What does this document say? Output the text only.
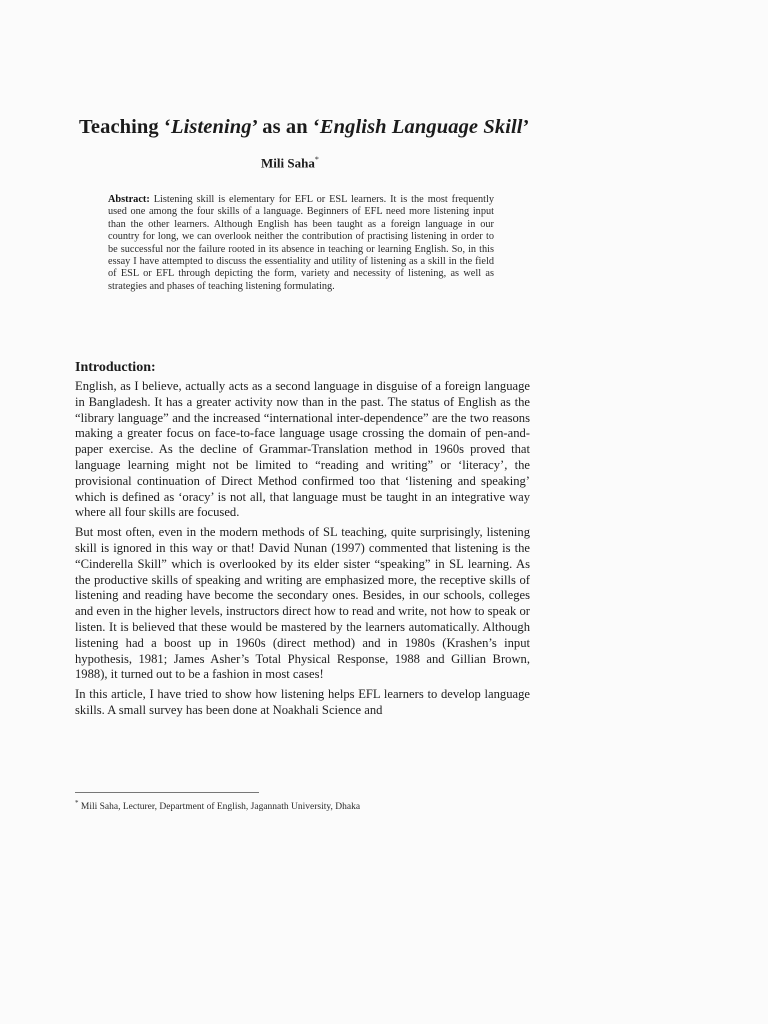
Teaching ‘Listening’ as an ‘English Language Skill’
Mili Saha*
Abstract: Listening skill is elementary for EFL or ESL learners. It is the most frequently used one among the four skills of a language. Beginners of EFL need more listening input than the other learners. Although English has been taught as a foreign language in our country for long, we can overlook neither the contribution of practising listening in order to be successful nor the failure rooted in its absence in teaching or learning English. So, in this essay I have attempted to discuss the essentiality and utility of listening as a skill in the field of ESL or EFL through depicting the form, variety and necessity of listening, as well as strategies and phases of teaching listening formulating.
Introduction:

English, as I believe, actually acts as a second language in disguise of a foreign language in Bangladesh. It has a greater activity now than in the past. The status of English as the “library language” and the increased “international inter-dependence” are the two reasons making a greater focus on face-to-face language usage crossing the domain of pen-and-paper exercise. As the decline of Grammar-Translation method in 1960s proved that language learning might not be limited to “reading and writing” or ‘literacy’, the provisional continuation of Direct Method confirmed too that ‘listening and speaking’ which is defined as ‘oracy’ is not all, that language must be taught in an integrative way where all four skills are focused.

But most often, even in the modern methods of SL teaching, quite surprisingly, listening skill is ignored in this way or that! David Nunan (1997) commented that listening is the “Cinderella Skill” which is overlooked by its elder sister “speaking” in SL learning. As the productive skills of speaking and writing are emphasized more, the receptive skills of listening and reading have become the secondary ones. Besides, in our schools, colleges and even in the higher levels, instructors direct how to read and write, not how to speak or listen. It is believed that these would be mastered by the learners automatically. Although listening had a boost up in 1960s (direct method) and in 1980s (Krashen’s input hypothesis, 1981; James Asher’s Total Physical Response, 1988 and Gillian Brown, 1988), it turned out to be a fashion in most cases!

In this article, I have tried to show how listening helps EFL learners to develop language skills. A small survey has been done at Noakhali Science and

* Mili Saha, Lecturer, Department of English, Jagannath University, Dhaka
